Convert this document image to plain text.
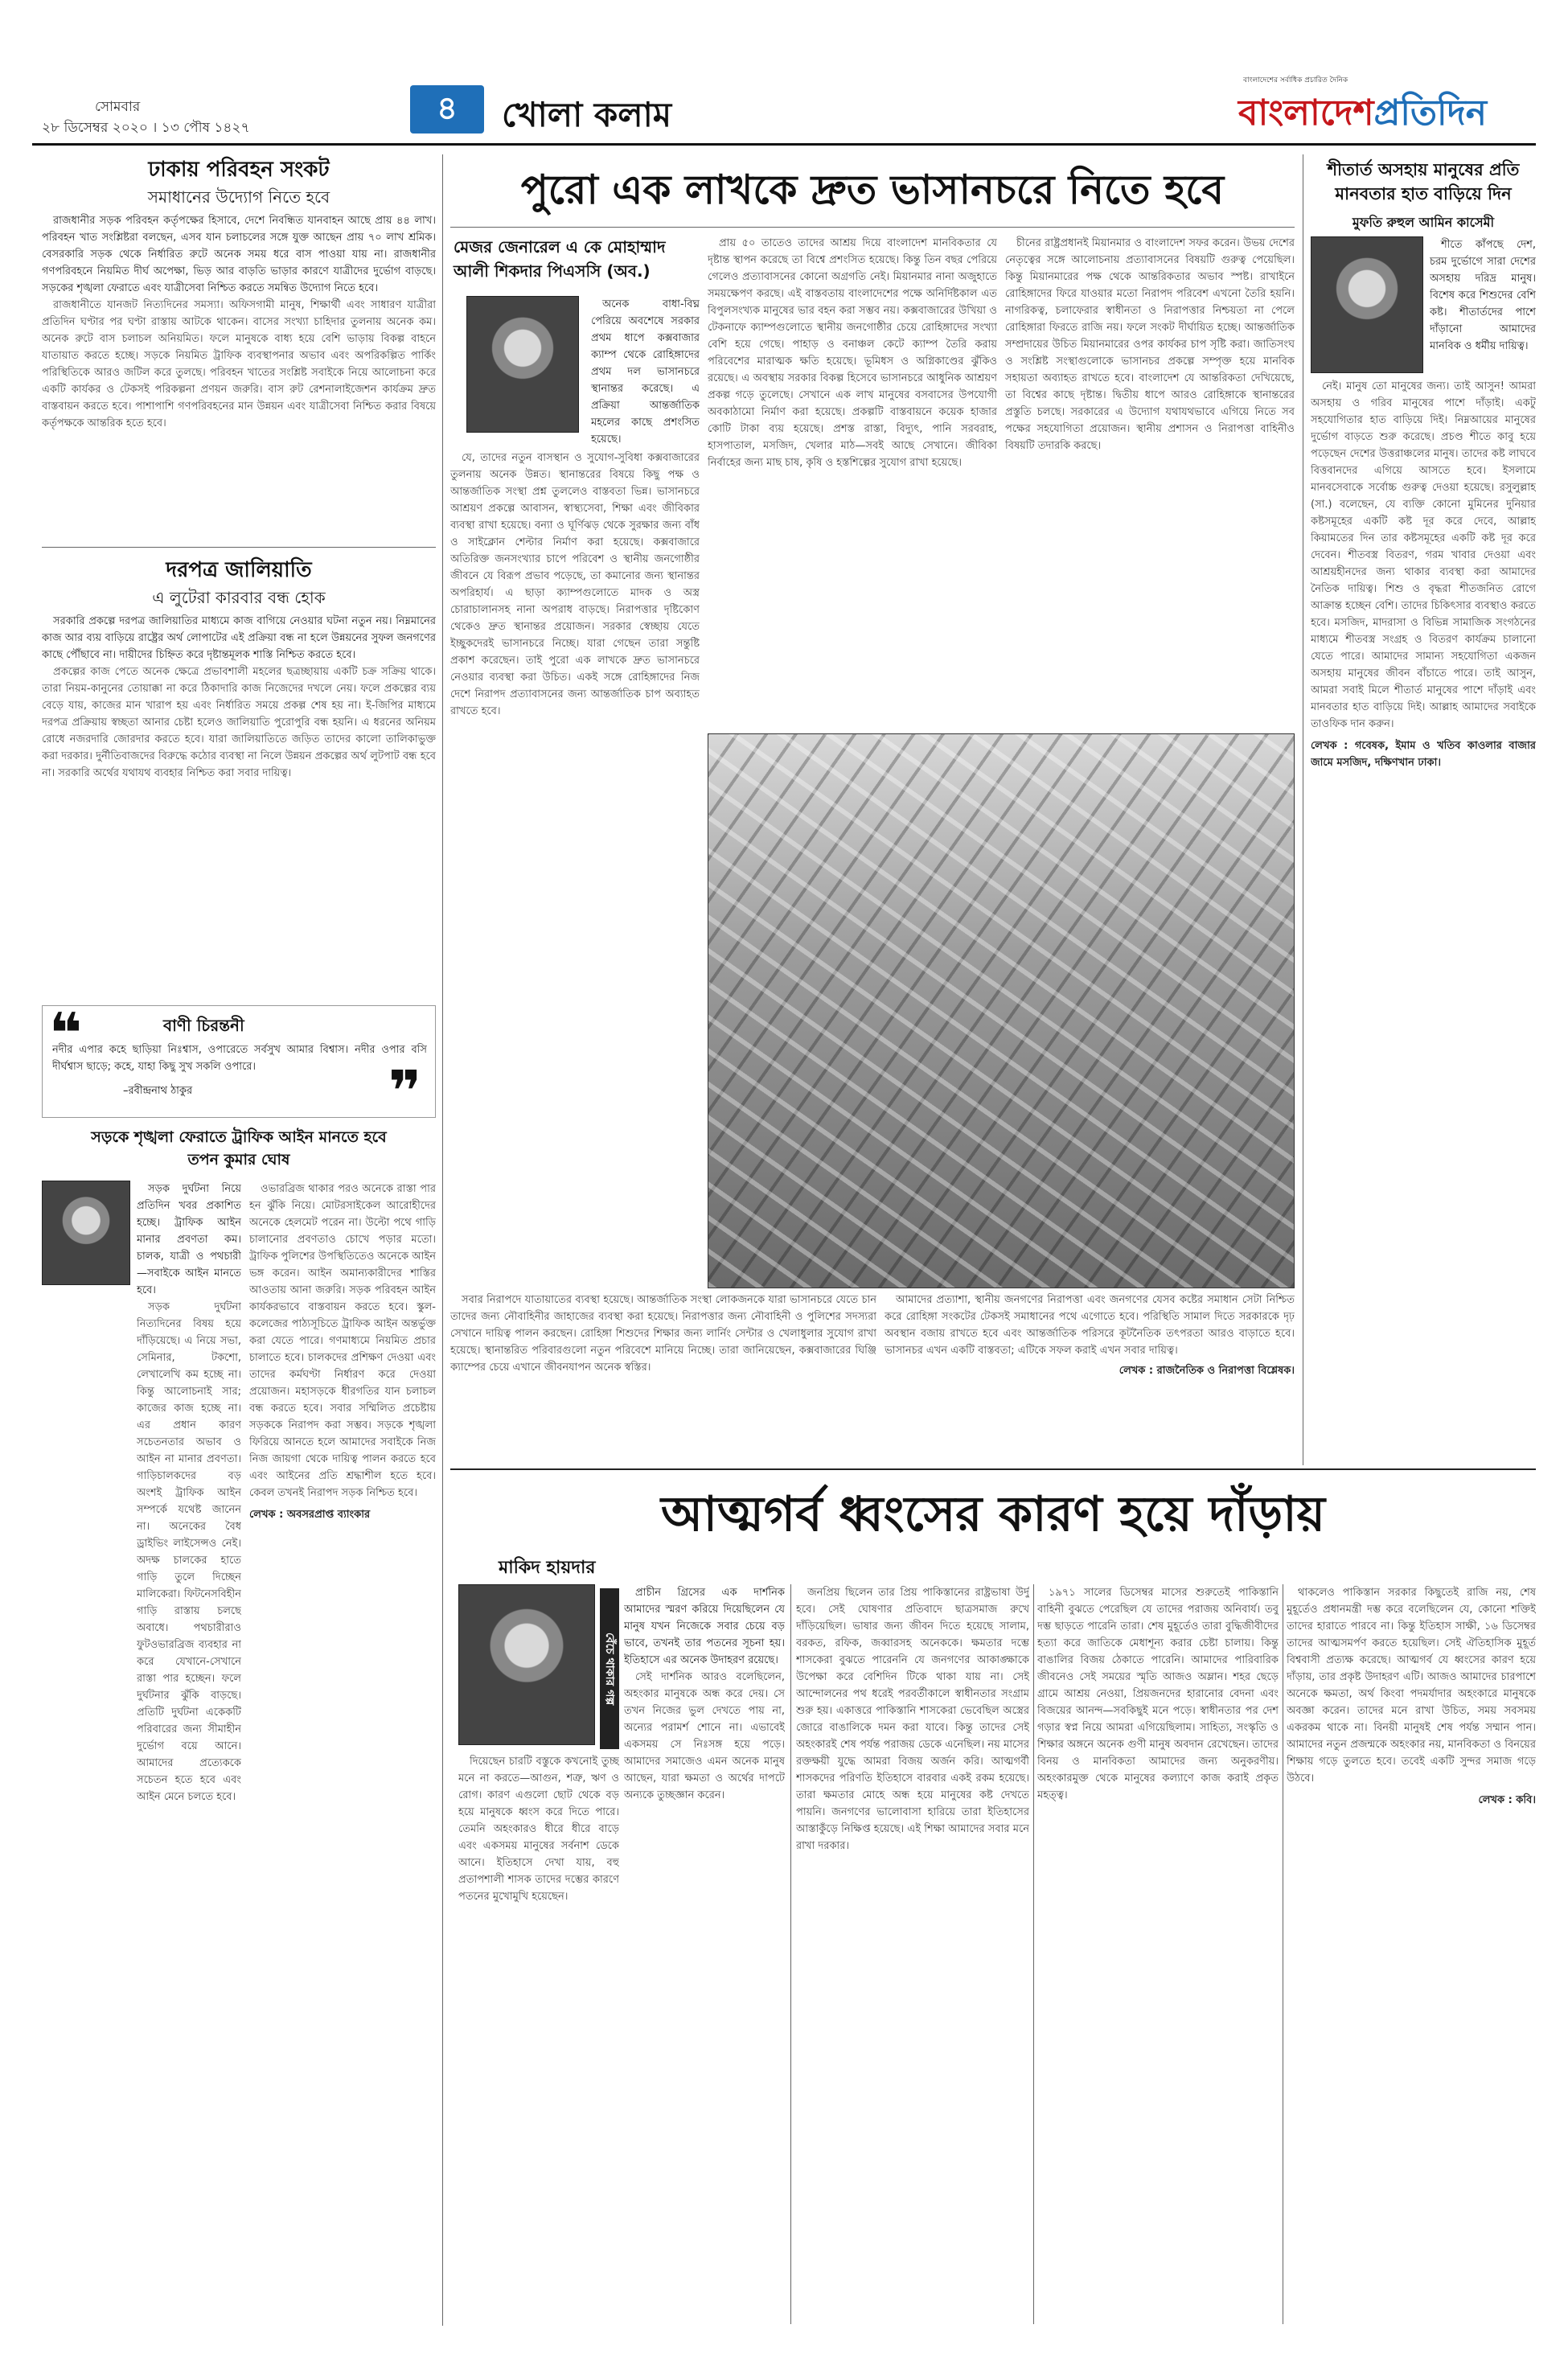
সোমবার
২৮ ডিসেম্বর ২০২০ । ১৩ পৌষ ১৪২৭
৪	খোলা কলাম
বাংলাদেশের সর্বাধিক প্রচারিত দৈনিক
বাংলাদেশপ্রতিদিন
ঢাকায় পরিবহন সংকট
সমাধানের উদ্যোগ নিতে হবে

রাজধানীর সড়ক পরিবহন কর্তৃপক্ষের হিসাবে, দেশে নিবন্ধিত যানবাহন আছে প্রায় ৪৪ লাখ। পরিবহন খাত সংশ্লিষ্টরা বলছেন, এসব যান চলাচলের সঙ্গে যুক্ত আছেন প্রায় ৭০ লাখ শ্রমিক। বেসরকারি সড়ক থেকে নির্ধারিত রুটে অনেক সময় ধরে বাস পাওয়া যায় না। রাজধানীর গণপরিবহনে নিয়মিত দীর্ঘ অপেক্ষা, ভিড় আর বাড়তি ভাড়ার কারণে যাত্রীদের দুর্ভোগ বাড়ছে। সড়কের শৃঙ্খলা ফেরাতে এবং যাত্রীসেবা নিশ্চিত করতে সমন্বিত উদ্যোগ নিতে হবে।

রাজধানীতে যানজট নিত্যদিনের সমস্যা। অফিসগামী মানুষ, শিক্ষার্থী এবং সাধারণ যাত্রীরা প্রতিদিন ঘণ্টার পর ঘণ্টা রাস্তায় আটকে থাকেন। বাসের সংখ্যা চাহিদার তুলনায় অনেক কম। অনেক রুটে বাস চলাচল অনিয়মিত। ফলে মানুষকে বাধ্য হয়ে বেশি ভাড়ায় বিকল্প বাহনে যাতায়াত করতে হচ্ছে। সড়কে নিয়মিত ট্রাফিক ব্যবস্থাপনার অভাব এবং অপরিকল্পিত পার্কিং পরিস্থিতিকে আরও জটিল করে তুলছে। পরিবহন খাতের সংশ্লিষ্ট সবাইকে নিয়ে আলোচনা করে একটি কার্যকর ও টেকসই পরিকল্পনা প্রণয়ন জরুরি। বাস রুট রেশনালাইজেশন কার্যক্রম দ্রুত বাস্তবায়ন করতে হবে। পাশাপাশি গণপরিবহনের মান উন্নয়ন এবং যাত্রীসেবা নিশ্চিত করার বিষয়ে কর্তৃপক্ষকে আন্তরিক হতে হবে।

দরপত্র জালিয়াতি
এ লুটেরা কারবার বন্ধ হোক

সরকারি প্রকল্পে দরপত্র জালিয়াতির মাধ্যমে কাজ বাগিয়ে নেওয়ার ঘটনা নতুন নয়। নিম্নমানের কাজ আর ব্যয় বাড়িয়ে রাষ্ট্রের অর্থ লোপাটের এই প্রক্রিয়া বন্ধ না হলে উন্নয়নের সুফল জনগণের কাছে পৌঁছাবে না। দায়ীদের চিহ্নিত করে দৃষ্টান্তমূলক শাস্তি নিশ্চিত করতে হবে।

প্রকল্পের কাজ পেতে অনেক ক্ষেত্রে প্রভাবশালী মহলের ছত্রচ্ছায়ায় একটি চক্র সক্রিয় থাকে। তারা নিয়ম-কানুনের তোয়াক্কা না করে ঠিকাদারি কাজ নিজেদের দখলে নেয়। ফলে প্রকল্পের ব্যয় বেড়ে যায়, কাজের মান খারাপ হয় এবং নির্ধারিত সময়ে প্রকল্প শেষ হয় না। ই-জিপির মাধ্যমে দরপত্র প্রক্রিয়ায় স্বচ্ছতা আনার চেষ্টা হলেও জালিয়াতি পুরোপুরি বন্ধ হয়নি। এ ধরনের অনিয়ম রোধে নজরদারি জোরদার করতে হবে। যারা জালিয়াতিতে জড়িত তাদের কালো তালিকাভুক্ত করা দরকার। দুর্নীতিবাজদের বিরুদ্ধে কঠোর ব্যবস্থা না নিলে উন্নয়ন প্রকল্পের অর্থ লুটপাট বন্ধ হবে না। সরকারি অর্থের যথাযথ ব্যবহার নিশ্চিত করা সবার দায়িত্ব।

❝	বাণী চিরন্তনী
নদীর এপার কহে ছাড়িয়া নিঃশ্বাস, ওপারেতে সর্বসুখ আমার বিশ্বাস। নদীর ওপার বসি দীর্ঘশ্বাস ছাড়ে; কহে, যাহা কিছু সুখ সকলি ওপারে।
–রবীন্দ্রনাথ ঠাকুর	❞
সড়কে শৃঙ্খলা ফেরাতে ট্রাফিক আইন মানতে হবে
তপন কুমার ঘোষ

সড়ক দুর্ঘটনা নিয়ে প্রতিদিন খবর প্রকাশিত হচ্ছে। ট্রাফিক আইন মানার প্রবণতা কম। চালক, যাত্রী ও পথচারী—সবাইকে আইন মানতে হবে।

সড়ক দুর্ঘটনা নিত্যদিনের বিষয় হয়ে দাঁড়িয়েছে। এ নিয়ে সভা, সেমিনার, টকশো, লেখালেখি কম হচ্ছে না। কিন্তু আলোচনাই সার; কাজের কাজ হচ্ছে না। এর প্রধান কারণ সচেতনতার অভাব ও আইন না মানার প্রবণতা। গাড়িচালকদের বড় অংশই ট্রাফিক আইন সম্পর্কে যথেষ্ট জানেন না। অনেকের বৈধ ড্রাইভিং লাইসেন্সও নেই। অদক্ষ চালকের হাতে গাড়ি তুলে দিচ্ছেন মালিকেরা। ফিটনেসবিহীন গাড়ি রাস্তায় চলছে অবাধে। পথচারীরাও ফুটওভারব্রিজ ব্যবহার না করে যেখানে-সেখানে রাস্তা পার হচ্ছেন। ফলে দুর্ঘটনার ঝুঁকি বাড়ছে। প্রতিটি দুর্ঘটনা একেকটি পরিবারের জন্য সীমাহীন দুর্ভোগ বয়ে আনে। আমাদের প্রত্যেককে সচেতন হতে হবে এবং আইন মেনে চলতে হবে।

ওভারব্রিজ থাকার পরও অনেকে রাস্তা পার হন ঝুঁকি নিয়ে। মোটরসাইকেল আরোহীদের অনেকে হেলমেট পরেন না। উল্টো পথে গাড়ি চালানোর প্রবণতাও চোখে পড়ার মতো। ট্রাফিক পুলিশের উপস্থিতিতেও অনেকে আইন ভঙ্গ করেন। আইন অমান্যকারীদের শাস্তির আওতায় আনা জরুরি। সড়ক পরিবহন আইন কার্যকরভাবে বাস্তবায়ন করতে হবে। স্কুল-কলেজের পাঠ্যসূচিতে ট্রাফিক আইন অন্তর্ভুক্ত করা যেতে পারে। গণমাধ্যমে নিয়মিত প্রচার চালাতে হবে। চালকদের প্রশিক্ষণ দেওয়া এবং তাদের কর্মঘণ্টা নির্ধারণ করে দেওয়া প্রয়োজন। মহাসড়কে ধীরগতির যান চলাচল বন্ধ করতে হবে। সবার সম্মিলিত প্রচেষ্টায় সড়ককে নিরাপদ করা সম্ভব। সড়কে শৃঙ্খলা ফিরিয়ে আনতে হলে আমাদের সবাইকে নিজ নিজ জায়গা থেকে দায়িত্ব পালন করতে হবে এবং আইনের প্রতি শ্রদ্ধাশীল হতে হবে। কেবল তখনই নিরাপদ সড়ক নিশ্চিত হবে।

লেখক : অবসরপ্রাপ্ত ব্যাংকার
পুরো এক লাখকে দ্রুত ভাসানচরে নিতে হবে
মেজর জেনারেল এ কে মোহাম্মাদ আলী শিকদার পিএসসি (অব.)

অনেক বাধা-বিঘ্ন পেরিয়ে অবশেষে সরকার প্রথম ধাপে কক্সবাজার ক্যাম্প থেকে রোহিঙ্গাদের প্রথম দল ভাসানচরে স্থানান্তর করেছে। এ প্রক্রিয়া আন্তর্জাতিক মহলের কাছে প্রশংসিত হয়েছে।

যে, তাদের নতুন বাসস্থান ও সুযোগ-সুবিধা কক্সবাজারের তুলনায় অনেক উন্নত। স্থানান্তরের বিষয়ে কিছু পক্ষ ও আন্তর্জাতিক সংস্থা প্রশ্ন তুললেও বাস্তবতা ভিন্ন। ভাসানচরে আশ্রয়ণ প্রকল্পে আবাসন, স্বাস্থ্যসেবা, শিক্ষা এবং জীবিকার ব্যবস্থা রাখা হয়েছে। বন্যা ও ঘূর্ণিঝড় থেকে সুরক্ষার জন্য বাঁধ ও সাইক্লোন শেল্টার নির্মাণ করা হয়েছে। কক্সবাজারে অতিরিক্ত জনসংখ্যার চাপে পরিবেশ ও স্থানীয় জনগোষ্ঠীর জীবনে যে বিরূপ প্রভাব পড়েছে, তা কমানোর জন্য স্থানান্তর অপরিহার্য। এ ছাড়া ক্যাম্পগুলোতে মাদক ও অস্ত্র চোরাচালানসহ নানা অপরাধ বাড়ছে। নিরাপত্তার দৃষ্টিকোণ থেকেও দ্রুত স্থানান্তর প্রয়োজন। সরকার স্বেচ্ছায় যেতে ইচ্ছুকদেরই ভাসানচরে নিচ্ছে। যারা গেছেন তারা সন্তুষ্টি প্রকাশ করেছেন। তাই পুরো এক লাখকে দ্রুত ভাসানচরে নেওয়ার ব্যবস্থা করা উচিত। একই সঙ্গে রোহিঙ্গাদের নিজ দেশে নিরাপদ প্রত্যাবাসনের জন্য আন্তর্জাতিক চাপ অব্যাহত রাখতে হবে।

প্রায় ৫০ তাতেও তাদের আশ্রয় দিয়ে বাংলাদেশ মানবিকতার যে দৃষ্টান্ত স্থাপন করেছে তা বিশ্বে প্রশংসিত হয়েছে। কিন্তু তিন বছর পেরিয়ে গেলেও প্রত্যাবাসনের কোনো অগ্রগতি নেই। মিয়ানমার নানা অজুহাতে সময়ক্ষেপণ করছে। এই বাস্তবতায় বাংলাদেশের পক্ষে অনির্দিষ্টকাল এত বিপুলসংখ্যক মানুষের ভার বহন করা সম্ভব নয়। কক্সবাজারের উখিয়া ও টেকনাফে ক্যাম্পগুলোতে স্থানীয় জনগোষ্ঠীর চেয়ে রোহিঙ্গাদের সংখ্যা বেশি হয়ে গেছে। পাহাড় ও বনাঞ্চল কেটে ক্যাম্প তৈরি করায় পরিবেশের মারাত্মক ক্ষতি হয়েছে। ভূমিধস ও অগ্নিকাণ্ডের ঝুঁকিও রয়েছে। এ অবস্থায় সরকার বিকল্প হিসেবে ভাসানচরে আধুনিক আশ্রয়ণ প্রকল্প গড়ে তুলেছে। সেখানে এক লাখ মানুষের বসবাসের উপযোগী অবকাঠামো নির্মাণ করা হয়েছে। প্রকল্পটি বাস্তবায়নে কয়েক হাজার কোটি টাকা ব্যয় হয়েছে। প্রশস্ত রাস্তা, বিদ্যুৎ, পানি সরবরাহ, হাসপাতাল, মসজিদ, খেলার মাঠ—সবই আছে সেখানে। জীবিকা নির্বাহের জন্য মাছ চাষ, কৃষি ও হস্তশিল্পের সুযোগ রাখা হয়েছে।

চীনের রাষ্ট্রপ্রধানই মিয়ানমার ও বাংলাদেশ সফর করেন। উভয় দেশের নেতৃত্বের সঙ্গে আলোচনায় প্রত্যাবাসনের বিষয়টি গুরুত্ব পেয়েছিল। কিন্তু মিয়ানমারের পক্ষ থেকে আন্তরিকতার অভাব স্পষ্ট। রাখাইনে রোহিঙ্গাদের ফিরে যাওয়ার মতো নিরাপদ পরিবেশ এখনো তৈরি হয়নি। নাগরিকত্ব, চলাফেরার স্বাধীনতা ও নিরাপত্তার নিশ্চয়তা না পেলে রোহিঙ্গারা ফিরতে রাজি নয়। ফলে সংকট দীর্ঘায়িত হচ্ছে। আন্তর্জাতিক সম্প্রদায়ের উচিত মিয়ানমারের ওপর কার্যকর চাপ সৃষ্টি করা। জাতিসংঘ ও সংশ্লিষ্ট সংস্থাগুলোকে ভাসানচর প্রকল্পে সম্পৃক্ত হয়ে মানবিক সহায়তা অব্যাহত রাখতে হবে। বাংলাদেশ যে আন্তরিকতা দেখিয়েছে, তা বিশ্বের কাছে দৃষ্টান্ত। দ্বিতীয় ধাপে আরও রোহিঙ্গাকে স্থানান্তরের প্রস্তুতি চলছে। সরকারের এ উদ্যোগ যথাযথভাবে এগিয়ে নিতে সব পক্ষের সহযোগিতা প্রয়োজন। স্থানীয় প্রশাসন ও নিরাপত্তা বাহিনীও বিষয়টি তদারকি করছে।

সবার নিরাপদে যাতায়াতের ব্যবস্থা হয়েছে। আন্তর্জাতিক সংস্থা লোকজনকে যারা ভাসানচরে যেতে চান তাদের জন্য নৌবাহিনীর জাহাজের ব্যবস্থা করা হয়েছে। নিরাপত্তার জন্য নৌবাহিনী ও পুলিশের সদস্যরা সেখানে দায়িত্ব পালন করছেন। রোহিঙ্গা শিশুদের শিক্ষার জন্য লার্নিং সেন্টার ও খেলাধুলার সুযোগ রাখা হয়েছে। স্থানান্তরিত পরিবারগুলো নতুন পরিবেশে মানিয়ে নিচ্ছে। তারা জানিয়েছেন, কক্সবাজারের ঘিঞ্জি ক্যাম্পের চেয়ে এখানে জীবনযাপন অনেক স্বস্তির।

আমাদের প্রত্যাশা, স্থানীয় জনগণের নিরাপত্তা এবং জনগণের যেসব কষ্টের সমাধান সেটা নিশ্চিত করে রোহিঙ্গা সংকটের টেকসই সমাধানের পথে এগোতে হবে। পরিস্থিতি সামাল দিতে সরকারকে দৃঢ় অবস্থান বজায় রাখতে হবে এবং আন্তর্জাতিক পরিসরে কূটনৈতিক তৎপরতা আরও বাড়াতে হবে। ভাসানচর এখন একটি বাস্তবতা; এটিকে সফল করাই এখন সবার দায়িত্ব।

লেখক : রাজনৈতিক ও নিরাপত্তা বিশ্লেষক।
শীতার্ত অসহায় মানুষের প্রতি মানবতার হাত বাড়িয়ে দিন
মুফতি রুহুল আমিন কাসেমী

শীতে কাঁপছে দেশ, চরম দুর্ভোগে সারা দেশের অসহায় দরিদ্র মানুষ। বিশেষ করে শিশুদের বেশি কষ্ট। শীতার্তদের পাশে দাঁড়ানো আমাদের মানবিক ও ধর্মীয় দায়িত্ব।

নেই। মানুষ তো মানুষের জন্য। তাই আসুন! আমরা অসহায় ও গরিব মানুষের পাশে দাঁড়াই। একটু সহযোগিতার হাত বাড়িয়ে দিই। নিম্নআয়ের মানুষের দুর্ভোগ বাড়তে শুরু করেছে। প্রচণ্ড শীতে কাবু হয়ে পড়েছেন দেশের উত্তরাঞ্চলের মানুষ। তাদের কষ্ট লাঘবে বিত্তবানদের এগিয়ে আসতে হবে। ইসলামে মানবসেবাকে সর্বোচ্চ গুরুত্ব দেওয়া হয়েছে। রসুলুল্লাহ (সা.) বলেছেন, যে ব্যক্তি কোনো মুমিনের দুনিয়ার কষ্টসমূহের একটি কষ্ট দূর করে দেবে, আল্লাহ কিয়ামতের দিন তার কষ্টসমূহের একটি কষ্ট দূর করে দেবেন। শীতবস্ত্র বিতরণ, গরম খাবার দেওয়া এবং আশ্রয়হীনদের জন্য থাকার ব্যবস্থা করা আমাদের নৈতিক দায়িত্ব। শিশু ও বৃদ্ধরা শীতজনিত রোগে আক্রান্ত হচ্ছেন বেশি। তাদের চিকিৎসার ব্যবস্থাও করতে হবে। মসজিদ, মাদরাসা ও বিভিন্ন সামাজিক সংগঠনের মাধ্যমে শীতবস্ত্র সংগ্রহ ও বিতরণ কার্যক্রম চালানো যেতে পারে। আমাদের সামান্য সহযোগিতা একজন অসহায় মানুষের জীবন বাঁচাতে পারে। তাই আসুন, আমরা সবাই মিলে শীতার্ত মানুষের পাশে দাঁড়াই এবং মানবতার হাত বাড়িয়ে দিই। আল্লাহ আমাদের সবাইকে তাওফিক দান করুন।

লেখক : গবেষক, ইমাম ও খতিব কাওলার বাজার জামে মসজিদ, দক্ষিণখান ঢাকা।
আত্মগর্ব ধ্বংসের কারণ হয়ে দাঁড়ায়
মাকিদ হায়দার
বেঁচে থাকার গল্প

প্রাচীন গ্রিসের এক দার্শনিক আমাদের স্মরণ করিয়ে দিয়েছিলেন যে মানুষ যখন নিজেকে সবার চেয়ে বড় ভাবে, তখনই তার পতনের সূচনা হয়। ইতিহাসে এর অনেক উদাহরণ রয়েছে।

সেই দার্শনিক আরও বলেছিলেন, অহংকার মানুষকে অন্ধ করে দেয়। সে তখন নিজের ভুল দেখতে পায় না, অন্যের পরামর্শ শোনে না। এভাবেই একসময় সে নিঃসঙ্গ হয়ে পড়ে। আমাদের সমাজেও এমন অনেক মানুষ আছেন, যারা ক্ষমতা ও অর্থের দাপটে অন্যকে তুচ্ছজ্ঞান করেন।

দিয়েছেন চারটি বস্তুকে কখনোই তুচ্ছ মনে না করতে—আগুন, শত্রু, ঋণ ও রোগ। কারণ এগুলো ছোট থেকে বড় হয়ে মানুষকে ধ্বংস করে দিতে পারে। তেমনি অহংকারও ধীরে ধীরে বাড়ে এবং একসময় মানুষের সর্বনাশ ডেকে আনে। ইতিহাসে দেখা যায়, বহু প্রতাপশালী শাসক তাদের দম্ভের কারণে পতনের মুখোমুখি হয়েছেন।

জনপ্রিয় ছিলেন তার প্রিয় পাকিস্তানের রাষ্ট্রভাষা উর্দু হবে। সেই ঘোষণার প্রতিবাদে ছাত্রসমাজ রুখে দাঁড়িয়েছিল। ভাষার জন্য জীবন দিতে হয়েছে সালাম, বরকত, রফিক, জব্বারসহ অনেককে। ক্ষমতার দম্ভে শাসকেরা বুঝতে পারেননি যে জনগণের আকাঙ্ক্ষাকে উপেক্ষা করে বেশিদিন টিকে থাকা যায় না। সেই আন্দোলনের পথ ধরেই পরবর্তীকালে স্বাধীনতার সংগ্রাম শুরু হয়। একাত্তরে পাকিস্তানি শাসকেরা ভেবেছিল অস্ত্রের জোরে বাঙালিকে দমন করা যাবে। কিন্তু তাদের সেই অহংকারই শেষ পর্যন্ত পরাজয় ডেকে এনেছিল। নয় মাসের রক্তক্ষয়ী যুদ্ধে আমরা বিজয় অর্জন করি। আত্মগর্বী শাসকদের পরিণতি ইতিহাসে বারবার একই রকম হয়েছে। তারা ক্ষমতার মোহে অন্ধ হয়ে মানুষের কষ্ট দেখতে পায়নি। জনগণের ভালোবাসা হারিয়ে তারা ইতিহাসের আস্তাকুঁড়ে নিক্ষিপ্ত হয়েছে। এই শিক্ষা আমাদের সবার মনে রাখা দরকার।

১৯৭১ সালের ডিসেম্বর মাসের শুরুতেই পাকিস্তানি বাহিনী বুঝতে পেরেছিল যে তাদের পরাজয় অনিবার্য। তবু দম্ভ ছাড়তে পারেনি তারা। শেষ মুহূর্তেও তারা বুদ্ধিজীবীদের হত্যা করে জাতিকে মেধাশূন্য করার চেষ্টা চালায়। কিন্তু বাঙালির বিজয় ঠেকাতে পারেনি। আমাদের পারিবারিক জীবনেও সেই সময়ের স্মৃতি আজও অম্লান। শহর ছেড়ে গ্রামে আশ্রয় নেওয়া, প্রিয়জনদের হারানোর বেদনা এবং বিজয়ের আনন্দ—সবকিছুই মনে পড়ে। স্বাধীনতার পর দেশ গড়ার স্বপ্ন নিয়ে আমরা এগিয়েছিলাম। সাহিত্য, সংস্কৃতি ও শিক্ষার অঙ্গনে অনেক গুণী মানুষ অবদান রেখেছেন। তাদের বিনয় ও মানবিকতা আমাদের জন্য অনুকরণীয়। অহংকারমুক্ত থেকে মানুষের কল্যাণে কাজ করাই প্রকৃত মহত্ত্ব।

থাকলেও পাকিস্তান সরকার কিছুতেই রাজি নয়, শেষ মুহূর্তেও প্রধানমন্ত্রী দম্ভ করে বলেছিলেন যে, কোনো শক্তিই তাদের হারাতে পারবে না। কিন্তু ইতিহাস সাক্ষী, ১৬ ডিসেম্বর তাদের আত্মসমর্পণ করতে হয়েছিল। সেই ঐতিহাসিক মুহূর্ত বিশ্ববাসী প্রত্যক্ষ করেছে। আত্মগর্ব যে ধ্বংসের কারণ হয়ে দাঁড়ায়, তার প্রকৃষ্ট উদাহরণ এটি। আজও আমাদের চারপাশে অনেকে ক্ষমতা, অর্থ কিংবা পদমর্যাদার অহংকারে মানুষকে অবজ্ঞা করেন। তাদের মনে রাখা উচিত, সময় সবসময় একরকম থাকে না। বিনয়ী মানুষই শেষ পর্যন্ত সম্মান পান। আমাদের নতুন প্রজন্মকে অহংকার নয়, মানবিকতা ও বিনয়ের শিক্ষায় গড়ে তুলতে হবে। তবেই একটি সুন্দর সমাজ গড়ে উঠবে।

লেখক : কবি।
